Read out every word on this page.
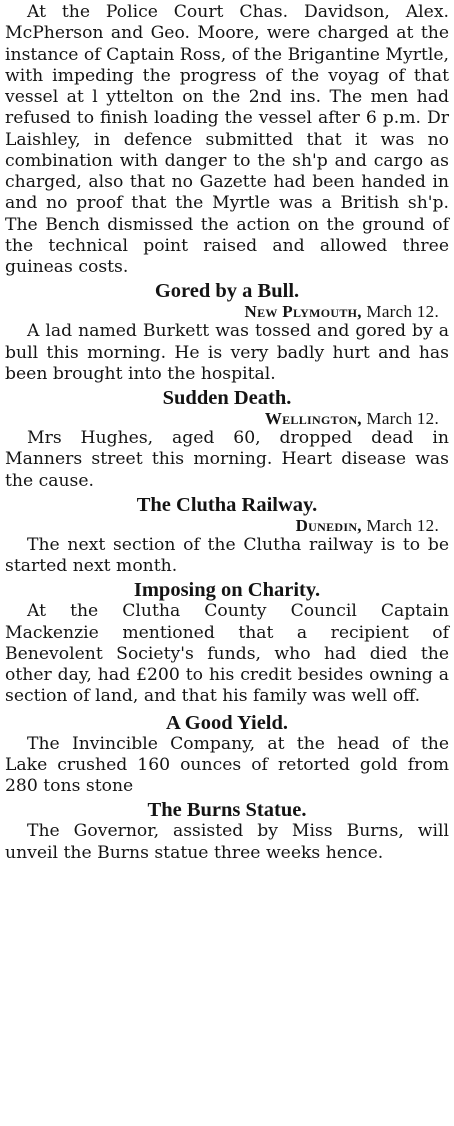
At the Police Court Chas. Davidson, Alex. McPherson and Geo. Moore, were charged at the instance of Captain Ross, of the Brigantine Myrtle, with impeding the progress of the voyag of that vessel at l yttelton on the 2nd ins. The men had refused to finish loading the vessel after 6 p.m. Dr Laishley, in defence submitted that it was no combination with danger to the sh'p and cargo as charged, also that no Gazette had been handed in and no proof that the Myrtle was a British sh'p. The Bench dismissed the action on the ground of the technical point raised and allowed three guineas costs.

Gored by a Bull.

New Plymouth, March 12.

A lad named Burkett was tossed and gored by a bull this morning. He is very badly hurt and has been brought into the hospital.

Sudden Death.

Wellington, March 12.

Mrs Hughes, aged 60, dropped dead in Manners street this morning. Heart disease was the cause.

The Clutha Railway.

Dunedin, March 12.

The next section of the Clutha railway is to be started next month.

Imposing on Charity.

At the Clutha County Council Captain Mackenzie mentioned that a recipient of Benevolent Society's funds, who had died the other day, had £200 to his credit besides owning a section of land, and that his family was well off.

A Good Yield.

The Invincible Company, at the head of the Lake crushed 160 ounces of retorted gold from 280 tons stone

The Burns Statue.

The Governor, assisted by Miss Burns, will unveil the Burns statue three weeks hence.
